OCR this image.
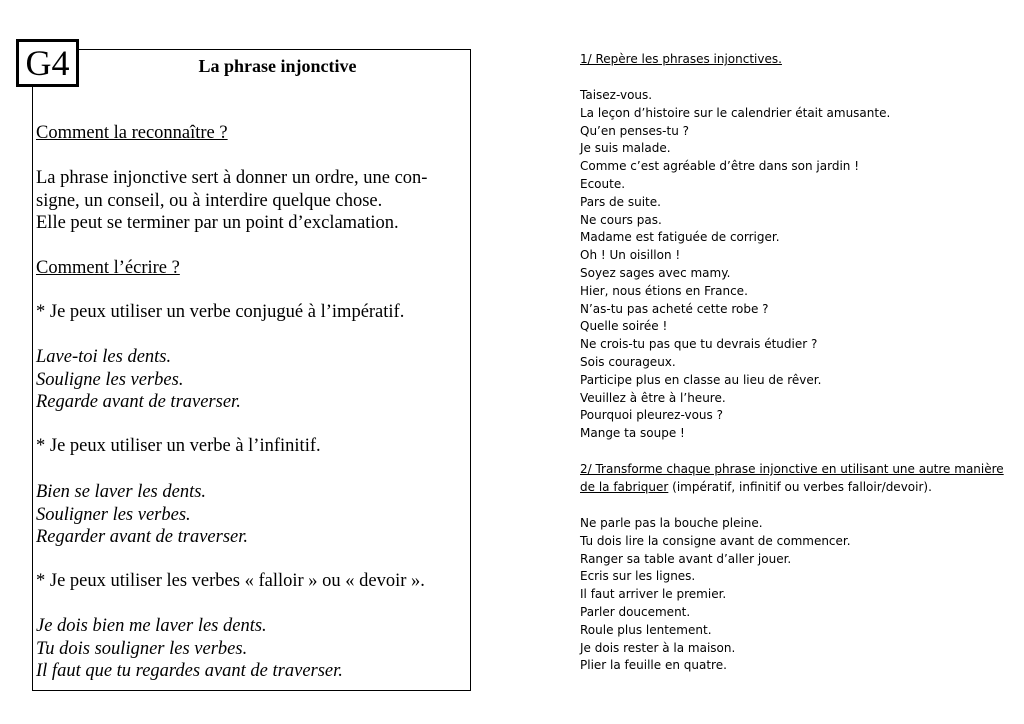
G4	La phrase injonctive
Comment la reconnaître ?
La phrase injonctive sert à donner un ordre, une con-
signe, un conseil, ou à interdire quelque chose.
Elle peut se terminer par un point d’exclamation.
Comment l’écrire ?
* Je peux utiliser un verbe conjugué à l’impératif.
Lave-toi les dents.
Souligne les verbes.
Regarde avant de traverser.
* Je peux utiliser un verbe à l’infinitif.
Bien se laver les dents.
Souligner les verbes.
Regarder avant de traverser.
* Je peux utiliser les verbes « falloir » ou « devoir ».
Je dois bien me laver les dents.
Tu dois souligner les verbes.
Il faut que tu regardes avant de traverser.
1/ Repère les phrases injonctives.
Taisez-vous.
La leçon d’histoire sur le calendrier était amusante.
Qu’en penses-tu ?
Je suis malade.
Comme c’est agréable d’être dans son jardin !
Ecoute.
Pars de suite.
Ne cours pas.
Madame est fatiguée de corriger.
Oh ! Un oisillon !
Soyez sages avec mamy.
Hier, nous étions en France.
N’as-tu pas acheté cette robe ?
Quelle soirée !
Ne crois-tu pas que tu devrais étudier ?
Sois courageux.
Participe plus en classe au lieu de rêver.
Veuillez à être à l’heure.
Pourquoi pleurez-vous ?
Mange ta soupe !
2/ Transforme chaque phrase injonctive en utilisant une autre manière
de la fabriquer (impératif, infinitif ou verbes falloir/devoir).
Ne parle pas la bouche pleine.
Tu dois lire la consigne avant de commencer.
Ranger sa table avant d’aller jouer.
Ecris sur les lignes.
Il faut arriver le premier.
Parler doucement.
Roule plus lentement.
Je dois rester à la maison.
Plier la feuille en quatre.
